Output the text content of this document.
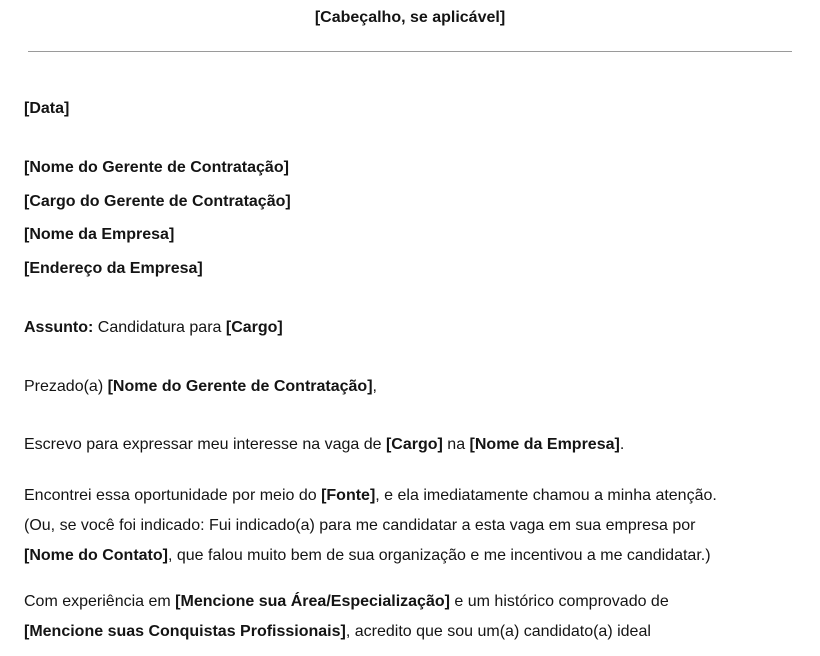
[Cabeçalho, se aplicável]
[Data]
[Nome do Gerente de Contratação]
[Cargo do Gerente de Contratação]
[Nome da Empresa]
[Endereço da Empresa]
Assunto: Candidatura para [Cargo]
Prezado(a) [Nome do Gerente de Contratação],
Escrevo para expressar meu interesse na vaga de [Cargo] na [Nome da Empresa].
Encontrei essa oportunidade por meio do [Fonte], e ela imediatamente chamou a minha atenção.
(Ou, se você foi indicado: Fui indicado(a) para me candidatar a esta vaga em sua empresa por
[Nome do Contato], que falou muito bem de sua organização e me incentivou a me candidatar.)
Com experiência em [Mencione sua Área/Especialização] e um histórico comprovado de
[Mencione suas Conquistas Profissionais], acredito que sou um(a) candidato(a) ideal
